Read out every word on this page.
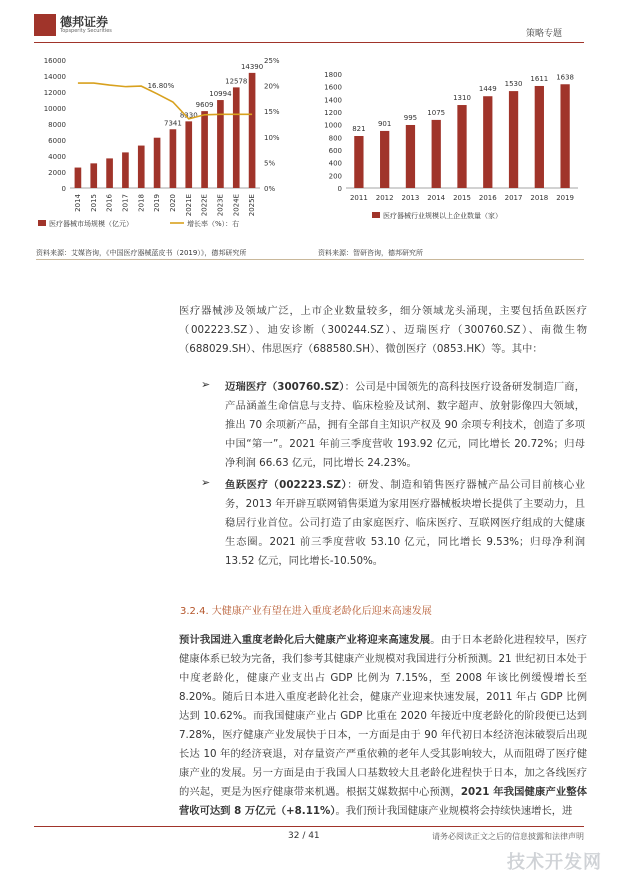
德邦证券
Topsperity Securities	策略专题
0
2000
4000
6000
8000
10000
12000
14000
16000
0%
5%
10%
15%
20%
25%
2014 2015 2016 2017 2018 2019 2020 2021E 2022E 2023E 2024E 2025E
7341
8330
9609
10994
12578
14390
16.80%
医疗器械市场规模（亿元）	增长率（%）：右
0
200
400
600
800
1000
1200
1400
1600
1800
821
2011
901
2012
995
2013
1075
2014
1310
2015
1449
2016
1530
2017
1611
2018
1638
2019
医疗器械行业规模以上企业数量（家）
资料来源：艾媒咨询，《中国医疗器械蓝皮书（2019）》，德邦研究所	资料来源：智研咨询，德邦研究所
医疗器械涉及领域广泛，上市企业数量较多，细分领域龙头涌现，主要包括鱼跃医疗（002223.SZ）、迪安诊断（300244.SZ）、迈瑞医疗（300760.SZ）、南微生物（688029.SH）、伟思医疗（688580.SH）、微创医疗（0853.HK）等。其中：
➢ 迈瑞医疗（300760.SZ）：公司是中国领先的高科技医疗设备研发制造厂商，产品涵盖生命信息与支持、临床检验及试剂、数字超声、放射影像四大领域，推出 70 余项新产品，拥有全部自主知识产权及 90 余项专利技术，创造了多项中国“第一”。2021 年前三季度营收 193.92 亿元，同比增长 20.72%；归母净利润 66.63 亿元，同比增长 24.23%。
➢ 鱼跃医疗（002223.SZ）：研发、制造和销售医疗器械产品公司目前核心业务，2013 年开辟互联网销售渠道为家用医疗器械板块增长提供了主要动力，且稳居行业首位。公司打造了由家庭医疗、临床医疗、互联网医疗组成的大健康生态圈。2021 前三季度营收 53.10 亿元，同比增长 9.53%；归母净利润 13.52 亿元，同比增长-10.50%。
3.2.4. 大健康产业有望在进入重度老龄化后迎来高速发展
预计我国进入重度老龄化后大健康产业将迎来高速发展。由于日本老龄化进程较早，医疗健康体系已较为完备，我们参考其健康产业规模对我国进行分析预测。21 世纪初日本处于中度老龄化，健康产业支出占 GDP 比例为 7.15%，至 2008 年该比例缓慢增长至 8.20%。随后日本进入重度老龄化社会，健康产业迎来快速发展，2011 年占 GDP 比例达到 10.62%。而我国健康产业占 GDP 比重在 2020 年接近中度老龄化的阶段便已达到 7.28%，医疗健康产业发展快于日本，一方面是由于 90 年代初日本经济泡沫破裂后出现长达 10 年的经济衰退，对存量资产严重依赖的老年人受其影响较大，从而阻碍了医疗健康产业的发展。另一方面是由于我国人口基数较大且老龄化进程快于日本，加之各线医疗的兴起，更是为医疗健康带来机遇。根据艾媒数据中心预测，2021 年我国健康产业整体营收可达到 8 万亿元（+8.11%）。我们预计我国健康产业规模将会持续快速增长，进
32 / 41	请务必阅读正文之后的信息披露和法律声明
技术开发网
